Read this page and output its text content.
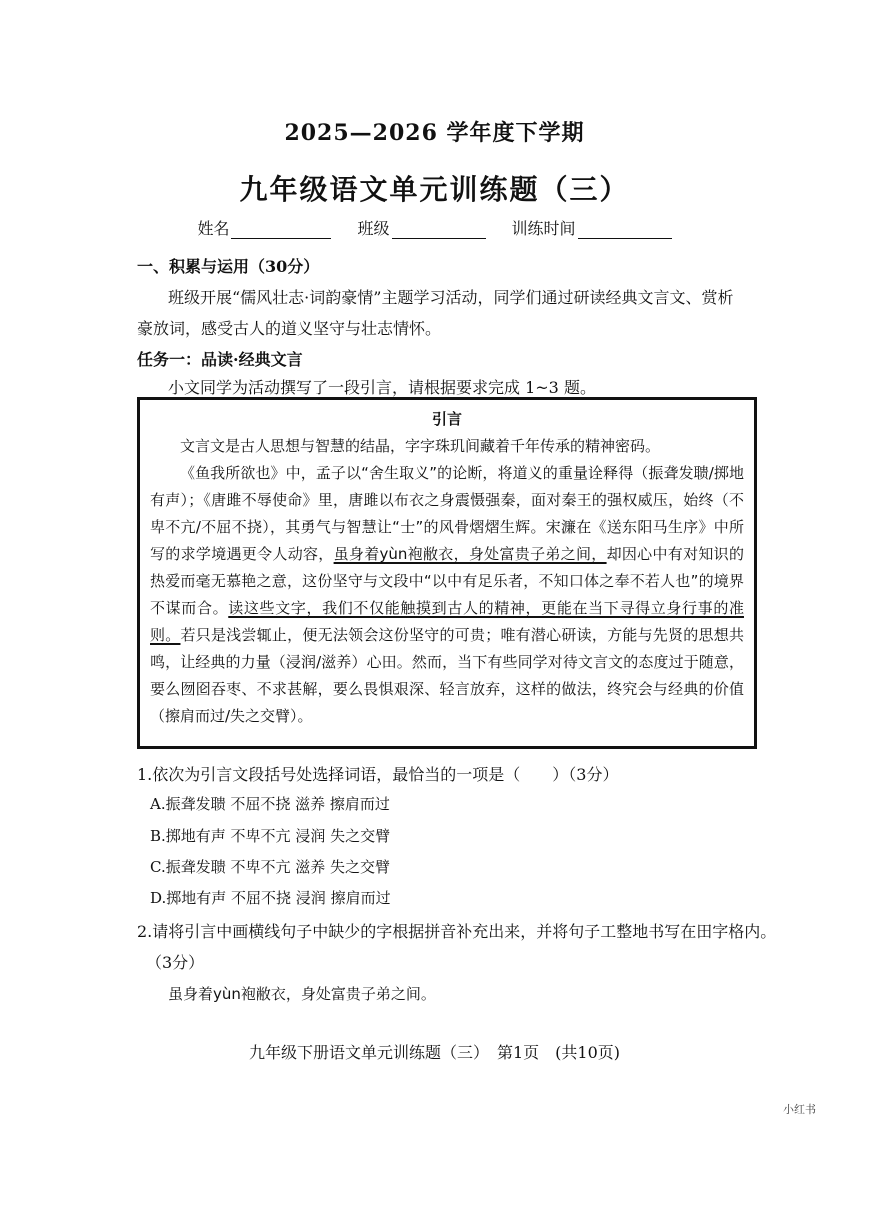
2025—2026 学年度下学期
九年级语文单元训练题（三）
姓名	班级	训练时间
一、积累与运用（30分）
班级开展“儒风壮志·词韵豪情”主题学习活动，同学们通过研读经典文言文、赏析
豪放词，感受古人的道义坚守与壮志情怀。
任务一：品读·经典文言
小文同学为活动撰写了一段引言，请根据要求完成 1~3 题。
引言

文言文是古人思想与智慧的结晶，字字珠玑间藏着千年传承的精神密码。

《鱼我所欲也》中，孟子以“舍生取义”的论断，将道义的重量诠释得（振聋发聩/掷地有声）；《唐雎不辱使命》里，唐雎以布衣之身震慑强秦，面对秦王的强权威压，始终（不卑不亢/不屈不挠），其勇气与智慧让“士”的风骨熠熠生辉。宋濂在《送东阳马生序》中所写的求学境遇更令人动容，虽身着yùn袍敝衣，身处富贵子弟之间，却因心中有对知识的热爱而毫无慕艳之意，这份坚守与文段中“以中有足乐者，不知口体之奉不若人也”的境界不谋而合。读这些文字，我们不仅能触摸到古人的精神，更能在当下寻得立身行事的准则。若只是浅尝辄止，便无法领会这份坚守的可贵；唯有潜心研读，方能与先贤的思想共鸣，让经典的力量（浸润/滋养）心田。然而，当下有些同学对待文言文的态度过于随意，要么囫囵吞枣、不求甚解，要么畏惧艰深、轻言放弃，这样的做法，终究会与经典的价值（擦肩而过/失之交臂）。

1.依次为引言文段括号处选择词语，最恰当的一项是（　　）（3分）
A.振聋发聩 不屈不挠 滋养 擦肩而过
B.掷地有声 不卑不亢 浸润 失之交臂
C.振聋发聩 不卑不亢 滋养 失之交臂
D.掷地有声 不屈不挠 浸润 擦肩而过
2.请将引言中画横线句子中缺少的字根据拼音补充出来，并将句子工整地书写在田字格内。
（3分）
虽身着yùn袍敝衣，身处富贵子弟之间。
九年级下册语文单元训练题（三）　第1页　(共10页)
小红书
